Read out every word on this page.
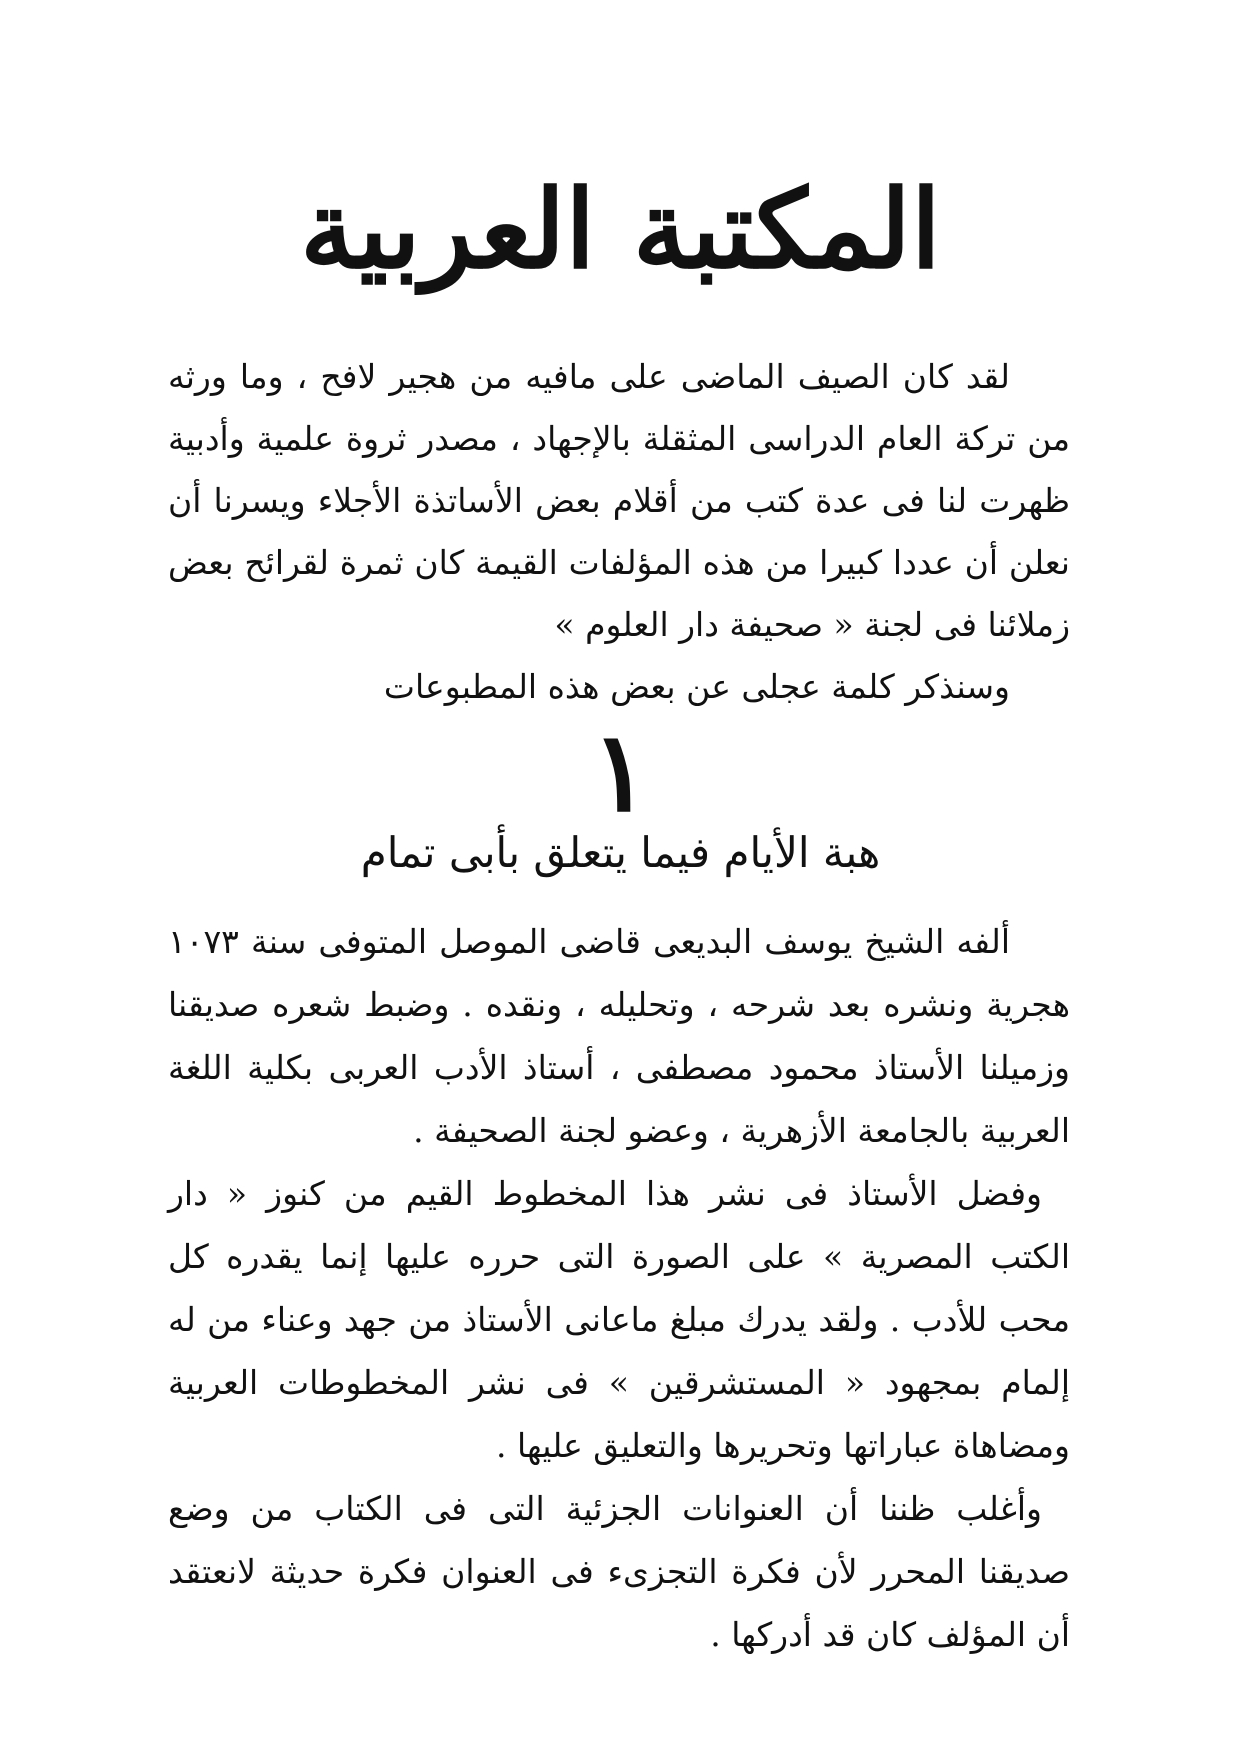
المكتبة العربية

لقد كان الصيف الماضى على مافيه من هجير لافح ، وما ورثه من تركة العام الدراسى المثقلة بالإجهاد ، مصدر ثروة علمية وأدبية ظهرت لنا فى عدة كتب من أقلام بعض الأساتذة الأجلاء ويسرنا أن نعلن أن عددا كبيرا من هذه المؤلفات القيمة كان ثمرة لقرائح بعض زملائنا فى لجنة « صحيفة دار العلوم »

وسنذكر كلمة عجلى عن بعض هذه المطبوعات

١
هبة الأيام فيما يتعلق بأبى تمام

ألفه الشيخ يوسف البديعى قاضى الموصل المتوفى سنة ١٠٧٣ هجرية ونشره بعد شرحه ، وتحليله ، ونقده . وضبط شعره صديقنا وزميلنا الأستاذ محمود مصطفى ، أستاذ الأدب العربى بكلية اللغة العربية بالجامعة الأزهرية ، وعضو لجنة الصحيفة .

وفضل الأستاذ فى نشر هذا المخطوط القيم من كنوز « دار الكتب المصرية » على الصورة التى حرره عليها إنما يقدره كل محب للأدب . ولقد يدرك مبلغ ماعانى الأستاذ من جهد وعناء من له إلمام بمجهود « المستشرقين » فى نشر المخطوطات العربية ومضاهاة عباراتها وتحريرها والتعليق عليها .

وأغلب ظننا أن العنوانات الجزئية التى فى الكتاب من وضع صديقنا المحرر لأن فكرة التجزىء فى العنوان فكرة حديثة لانعتقد أن المؤلف كان قد أدركها .
